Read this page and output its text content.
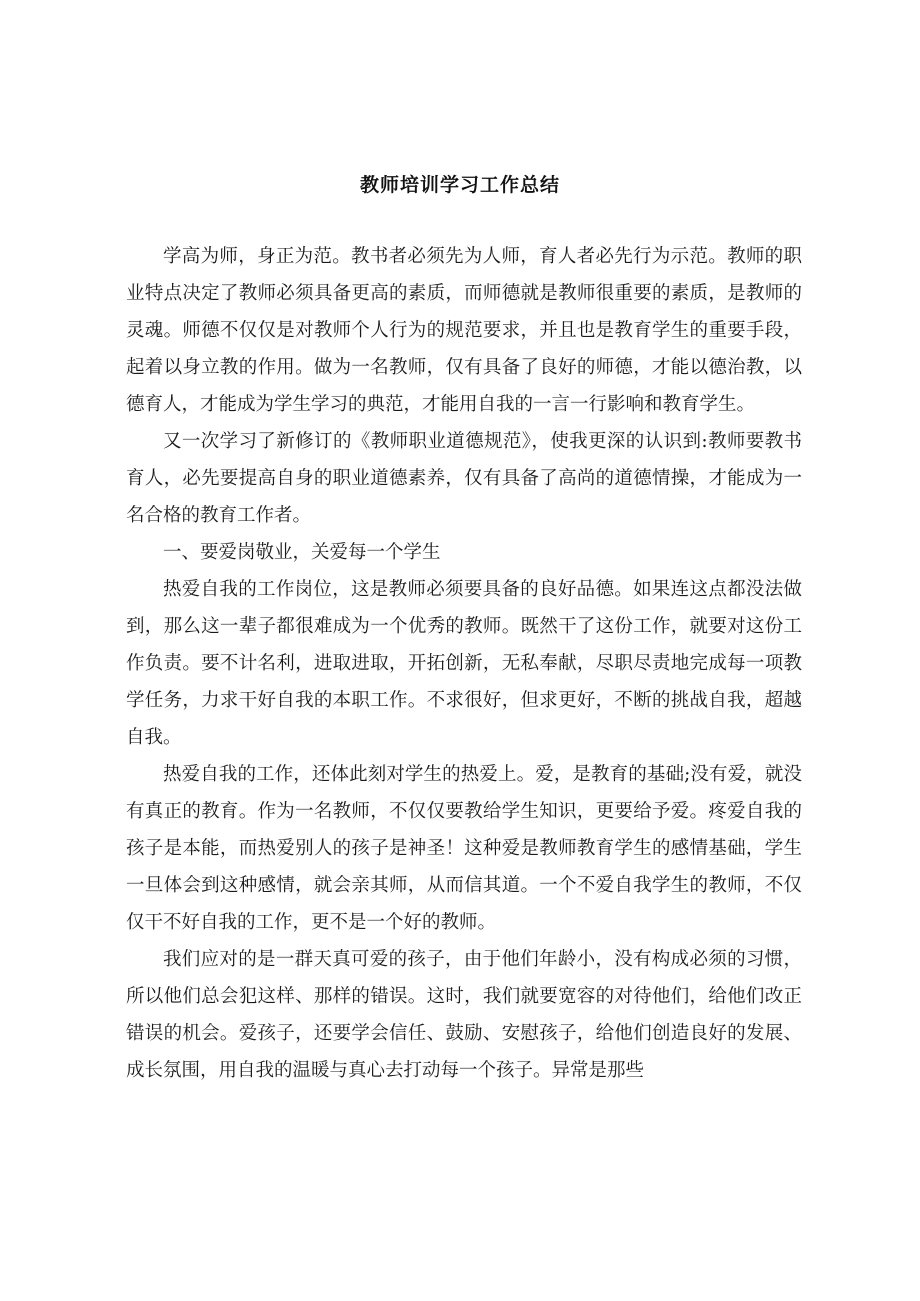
教师培训学习工作总结

学高为师，身正为范。教书者必须先为人师，育人者必先行为示范。教师的职业特点决定了教师必须具备更高的素质，而师德就是教师很重要的素质，是教师的灵魂。师德不仅仅是对教师个人行为的规范要求，并且也是教育学生的重要手段，起着以身立教的作用。做为一名教师，仅有具备了良好的师德，才能以德治教，以德育人，才能成为学生学习的典范，才能用自我的一言一行影响和教育学生。

又一次学习了新修订的《教师职业道德规范》，使我更深的认识到:教师要教书育人，必先要提高自身的职业道德素养，仅有具备了高尚的道德情操，才能成为一名合格的教育工作者。

一、要爱岗敬业，关爱每一个学生

热爱自我的工作岗位，这是教师必须要具备的良好品德。如果连这点都没法做到，那么这一辈子都很难成为一个优秀的教师。既然干了这份工作，就要对这份工作负责。要不计名利，进取进取，开拓创新，无私奉献，尽职尽责地完成每一项教学任务，力求干好自我的本职工作。不求很好，但求更好，不断的挑战自我，超越自我。

热爱自我的工作，还体此刻对学生的热爱上。爱，是教育的基础;没有爱，就没有真正的教育。作为一名教师，不仅仅要教给学生知识，更要给予爱。疼爱自我的孩子是本能，而热爱别人的孩子是神圣！这种爱是教师教育学生的感情基础，学生一旦体会到这种感情，就会亲其师，从而信其道。一个不爱自我学生的教师，不仅仅干不好自我的工作，更不是一个好的教师。

我们应对的是一群天真可爱的孩子，由于他们年龄小，没有构成必须的习惯，所以他们总会犯这样、那样的错误。这时，我们就要宽容的对待他们，给他们改正错误的机会。爱孩子，还要学会信任、鼓励、安慰孩子，给他们创造良好的发展、成长氛围，用自我的温暖与真心去打动每一个孩子。异常是那些
